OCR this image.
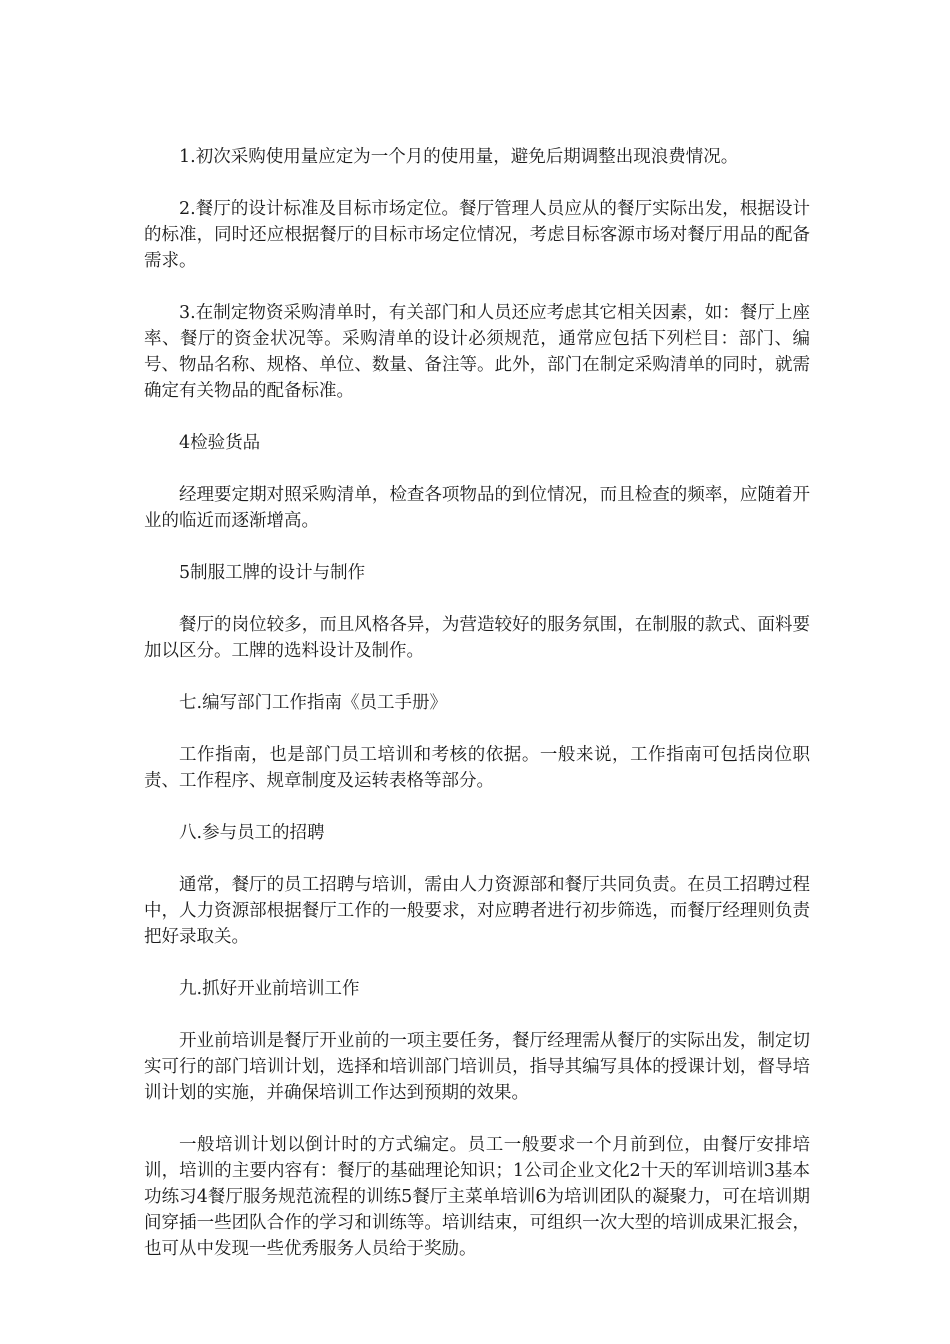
1.初次采购使用量应定为一个月的使用量，避免后期调整出现浪费情况。

2.餐厅的设计标准及目标市场定位。餐厅管理人员应从的餐厅实际出发，根据设计的标准，同时还应根据餐厅的目标市场定位情况，考虑目标客源市场对餐厅用品的配备需求。

3.在制定物资采购清单时，有关部门和人员还应考虑其它相关因素，如：餐厅上座率、餐厅的资金状况等。采购清单的设计必须规范，通常应包括下列栏目：部门、编号、物品名称、规格、单位、数量、备注等。此外，部门在制定采购清单的同时，就需确定有关物品的配备标准。

4检验货品

经理要定期对照采购清单，检查各项物品的到位情况，而且检查的频率，应随着开业的临近而逐渐增高。

5制服工牌的设计与制作

餐厅的岗位较多，而且风格各异，为营造较好的服务氛围，在制服的款式、面料要加以区分。工牌的选料设计及制作。

七.编写部门工作指南《员工手册》

工作指南，也是部门员工培训和考核的依据。一般来说，工作指南可包括岗位职责、工作程序、规章制度及运转表格等部分。

八.参与员工的招聘

通常，餐厅的员工招聘与培训，需由人力资源部和餐厅共同负责。在员工招聘过程中，人力资源部根据餐厅工作的一般要求，对应聘者进行初步筛选，而餐厅经理则负责把好录取关。

九.抓好开业前培训工作

开业前培训是餐厅开业前的一项主要任务，餐厅经理需从餐厅的实际出发，制定切实可行的部门培训计划，选择和培训部门培训员，指导其编写具体的授课计划，督导培训计划的实施，并确保培训工作达到预期的效果。

一般培训计划以倒计时的方式编定。员工一般要求一个月前到位，由餐厅安排培训，培训的主要内容有：餐厅的基础理论知识；1公司企业文化2十天的军训培训3基本功练习4餐厅服务规范流程的训练5餐厅主菜单培训6为培训团队的凝聚力，可在培训期间穿插一些团队合作的学习和训练等。培训结束，可组织一次大型的培训成果汇报会，也可从中发现一些优秀服务人员给于奖励。
